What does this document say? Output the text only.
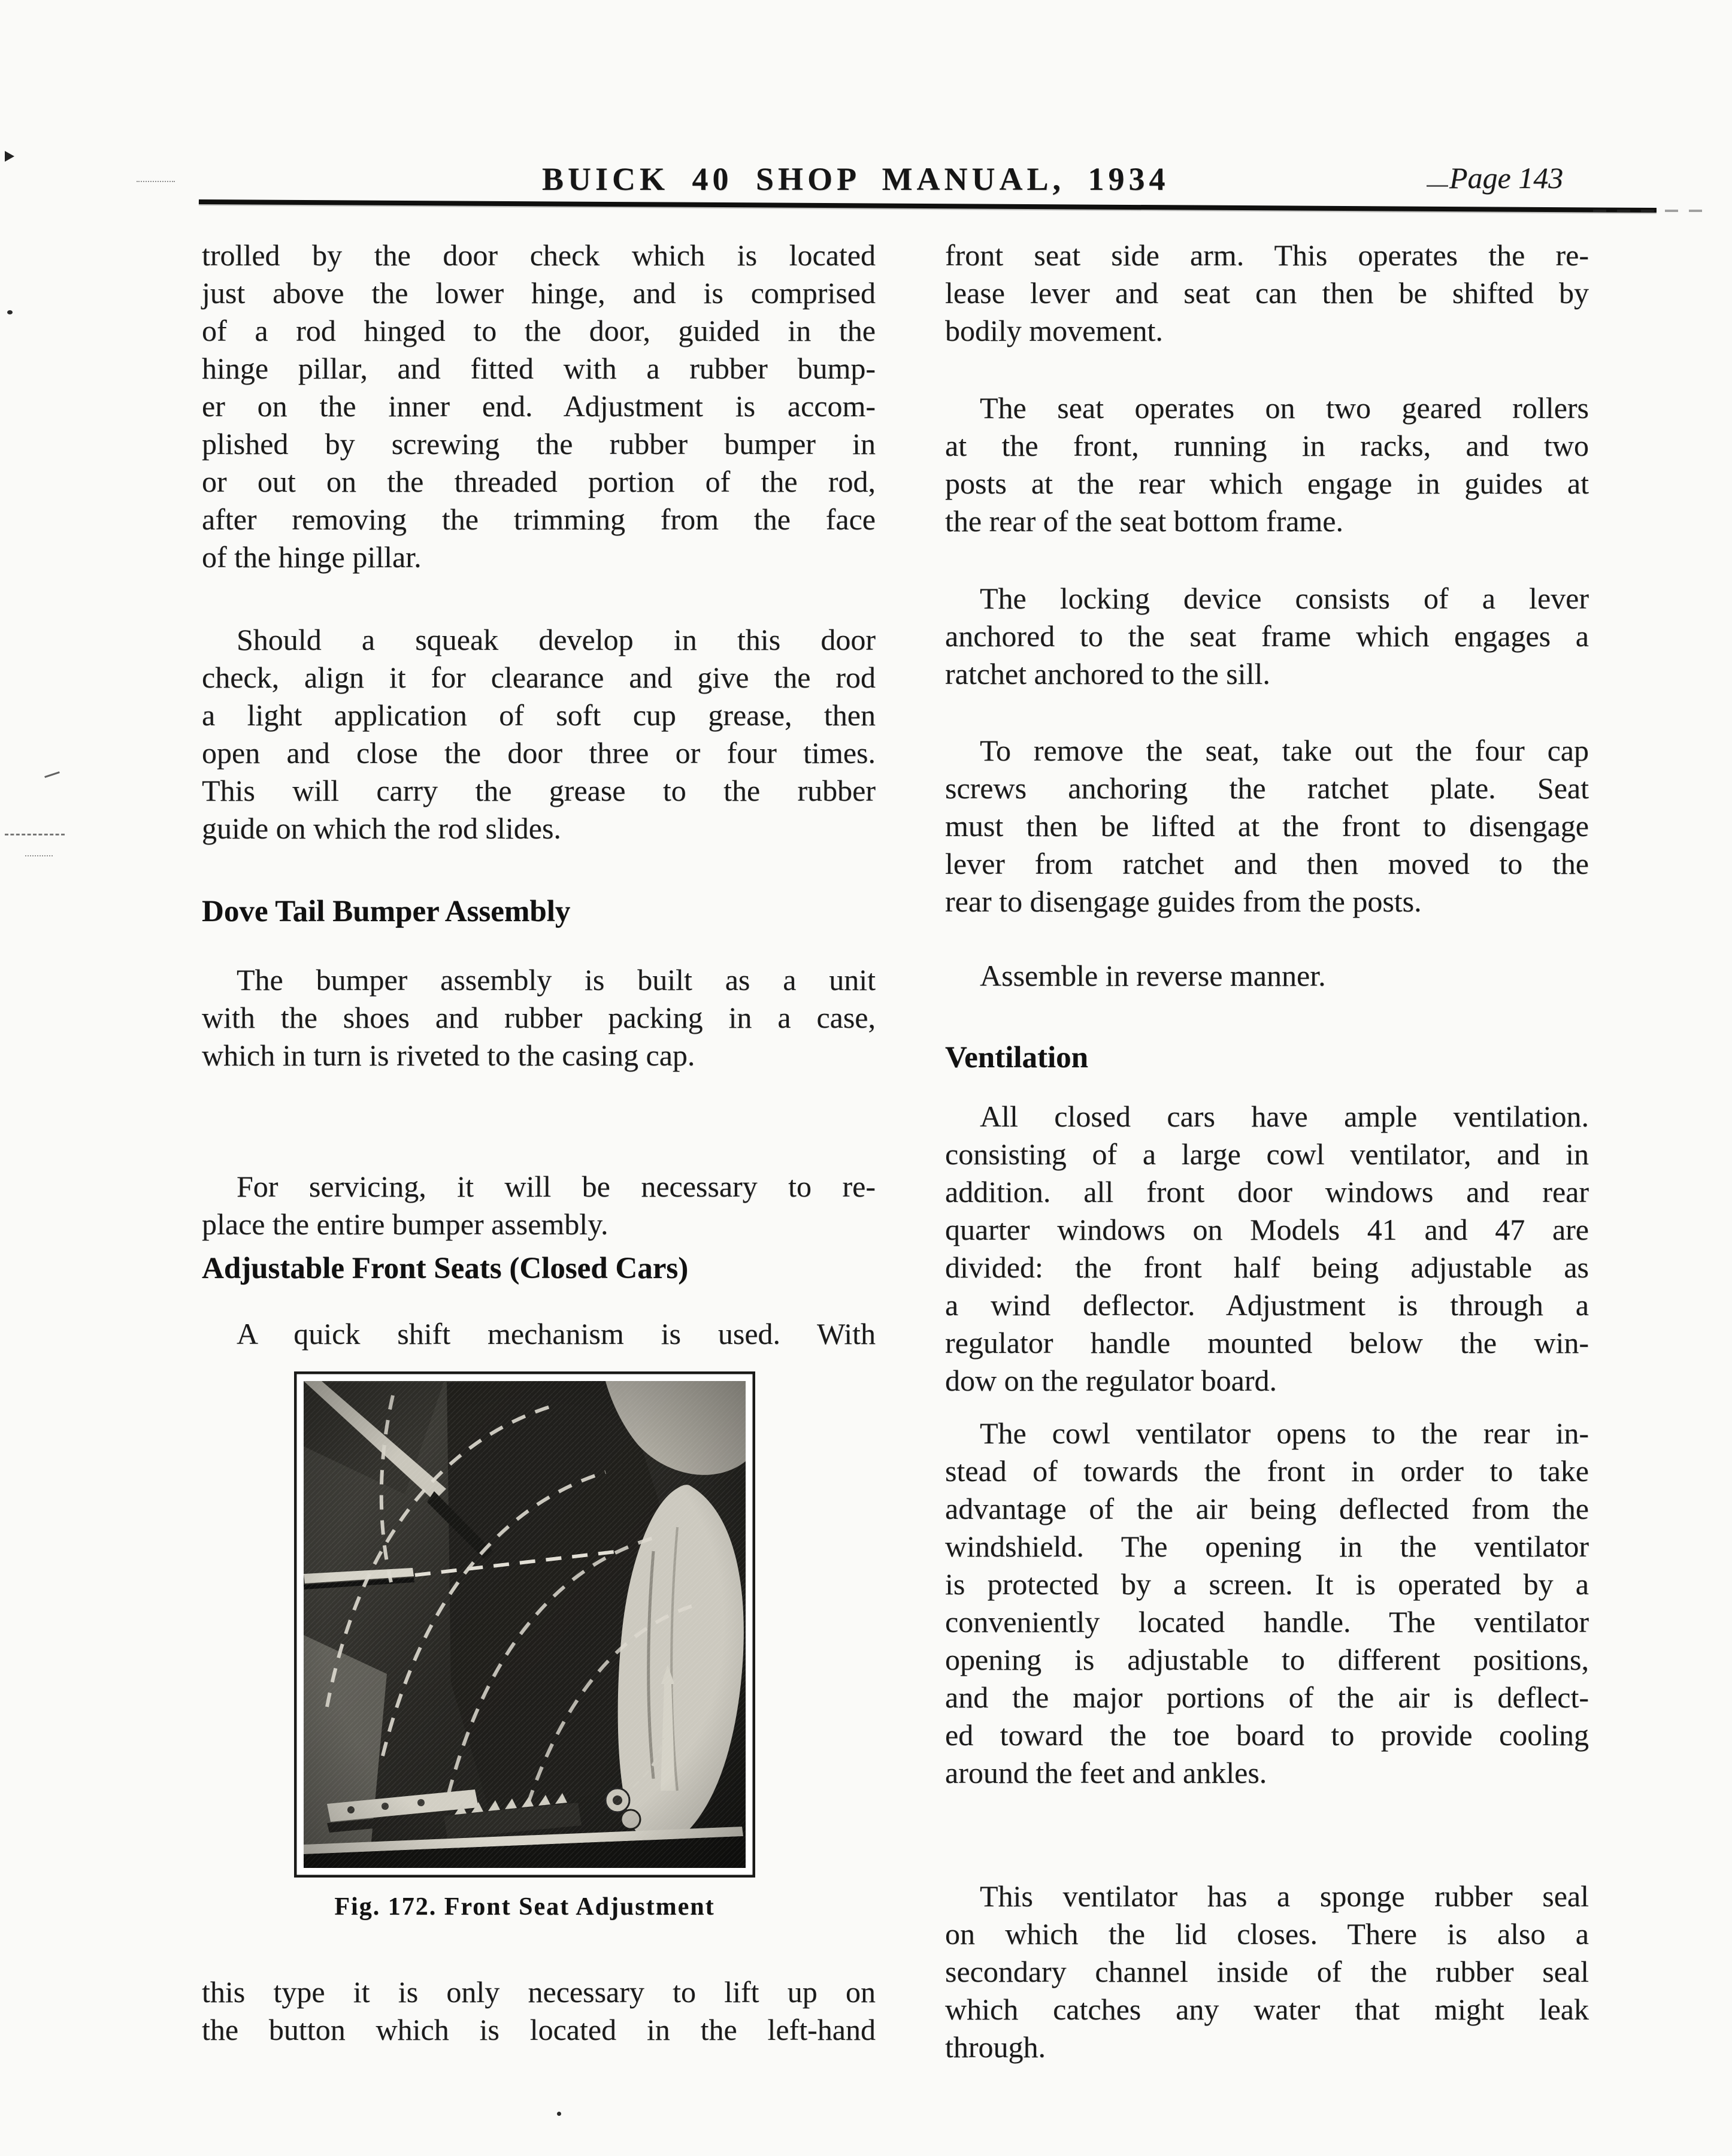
BUICK 40 SHOP MANUAL, 1934	Page 143
trolled by the door check which is located
just above the lower hinge, and is comprised
of a rod hinged to the door, guided in the
hinge pillar, and fitted with a rubber bump-
er on the inner end. Adjustment is accom-
plished by screwing the rubber bumper in
or out on the threaded portion of the rod,
after removing the trimming from the face
of the hinge pillar.
Should a squeak develop in this door
check, align it for clearance and give the rod
a light application of soft cup grease, then
open and close the door three or four times.
This will carry the grease to the rubber
guide on which the rod slides.
Dove Tail Bumper Assembly
The bumper assembly is built as a unit
with the shoes and rubber packing in a case,
which in turn is riveted to the casing cap.
For servicing, it will be necessary to re-
place the entire bumper assembly.
Adjustable Front Seats (Closed Cars)
A quick shift mechanism is used. With
Fig. 172. Front Seat Adjustment
this type it is only necessary to lift up on
the button which is located in the left-hand
front seat side arm. This operates the re-
lease lever and seat can then be shifted by
bodily movement.
The seat operates on two geared rollers
at the front, running in racks, and two
posts at the rear which engage in guides at
the rear of the seat bottom frame.
The locking device consists of a lever
anchored to the seat frame which engages a
ratchet anchored to the sill.
To remove the seat, take out the four cap
screws anchoring the ratchet plate. Seat
must then be lifted at the front to disengage
lever from ratchet and then moved to the
rear to disengage guides from the posts.
Assemble in reverse manner.
Ventilation
All closed cars have ample ventilation.
consisting of a large cowl ventilator, and in
addition. all front door windows and rear
quarter windows on Models 41 and 47 are
divided: the front half being adjustable as
a wind deflector. Adjustment is through a
regulator handle mounted below the win-
dow on the regulator board.
The cowl ventilator opens to the rear in-
stead of towards the front in order to take
advantage of the air being deflected from the
windshield. The opening in the ventilator
is protected by a screen. It is operated by a
conveniently located handle. The ventilator
opening is adjustable to different positions,
and the major portions of the air is deflect-
ed toward the toe board to provide cooling
around the feet and ankles.
This ventilator has a sponge rubber seal
on which the lid closes. There is also a
secondary channel inside of the rubber seal
which catches any water that might leak
through.
